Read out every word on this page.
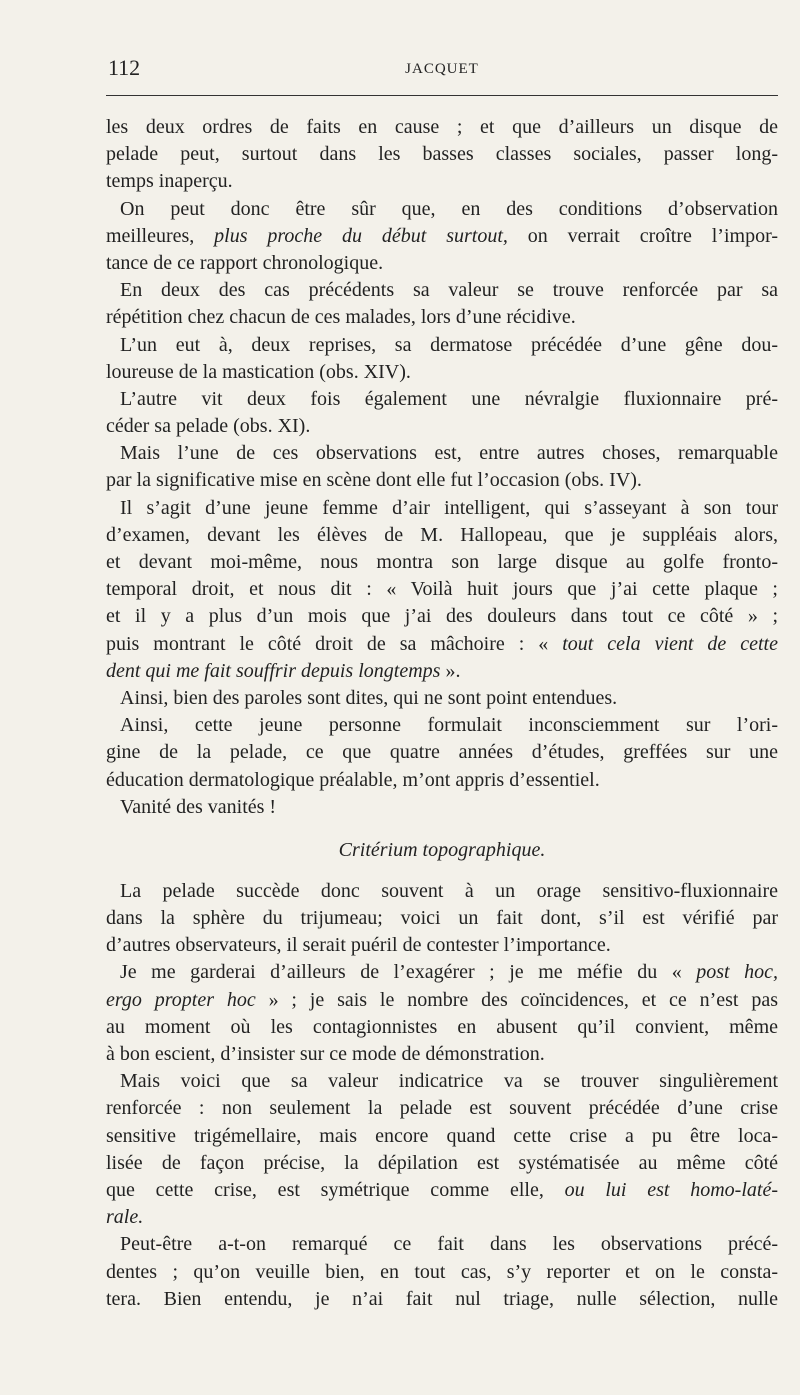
112	JACQUET
les deux ordres de faits en cause ; et que d’ailleurs un disque de
pelade peut, surtout dans les basses classes sociales, passer long-
temps inaperçu.
On peut donc être sûr que, en des conditions d’observation
meilleures, plus proche du début surtout, on verrait croître l’impor-
tance de ce rapport chronologique.
En deux des cas précédents sa valeur se trouve renforcée par sa
répétition chez chacun de ces malades, lors d’une récidive.
L’un eut à, deux reprises, sa dermatose précédée d’une gêne dou-
loureuse de la mastication (obs. XIV).
L’autre vit deux fois également une névralgie fluxionnaire pré-
céder sa pelade (obs. XI).
Mais l’une de ces observations est, entre autres choses, remarquable
par la significative mise en scène dont elle fut l’occasion (obs. IV).
Il s’agit d’une jeune femme d’air intelligent, qui s’asseyant à son tour
d’examen, devant les élèves de M. Hallopeau, que je suppléais alors,
et devant moi-même, nous montra son large disque au golfe fronto-
temporal droit, et nous dit : « Voilà huit jours que j’ai cette plaque ;
et il y a plus d’un mois que j’ai des douleurs dans tout ce côté » ;
puis montrant le côté droit de sa mâchoire : « tout cela vient de cette
dent qui me fait souffrir depuis longtemps ».
Ainsi, bien des paroles sont dites, qui ne sont point entendues.
Ainsi, cette jeune personne formulait inconsciemment sur l’ori-
gine de la pelade, ce que quatre années d’études, greffées sur une
éducation dermatologique préalable, m’ont appris d’essentiel.
Vanité des vanités !
Critérium topographique.
La pelade succède donc souvent à un orage sensitivo-fluxionnaire
dans la sphère du trijumeau; voici un fait dont, s’il est vérifié par
d’autres observateurs, il serait puéril de contester l’importance.
Je me garderai d’ailleurs de l’exagérer ; je me méfie du « post hoc,
ergo propter hoc » ; je sais le nombre des coïncidences, et ce n’est pas
au moment où les contagionnistes en abusent qu’il convient, même
à bon escient, d’insister sur ce mode de démonstration.
Mais voici que sa valeur indicatrice va se trouver singulièrement
renforcée : non seulement la pelade est souvent précédée d’une crise
sensitive trigémellaire, mais encore quand cette crise a pu être loca-
lisée de façon précise, la dépilation est systématisée au même côté
que cette crise, est symétrique comme elle, ou lui est homo-laté-
rale.
Peut-être a-t-on remarqué ce fait dans les observations précé-
dentes ; qu’on veuille bien, en tout cas, s’y reporter et on le consta-
tera. Bien entendu, je n’ai fait nul triage, nulle sélection, nulle
